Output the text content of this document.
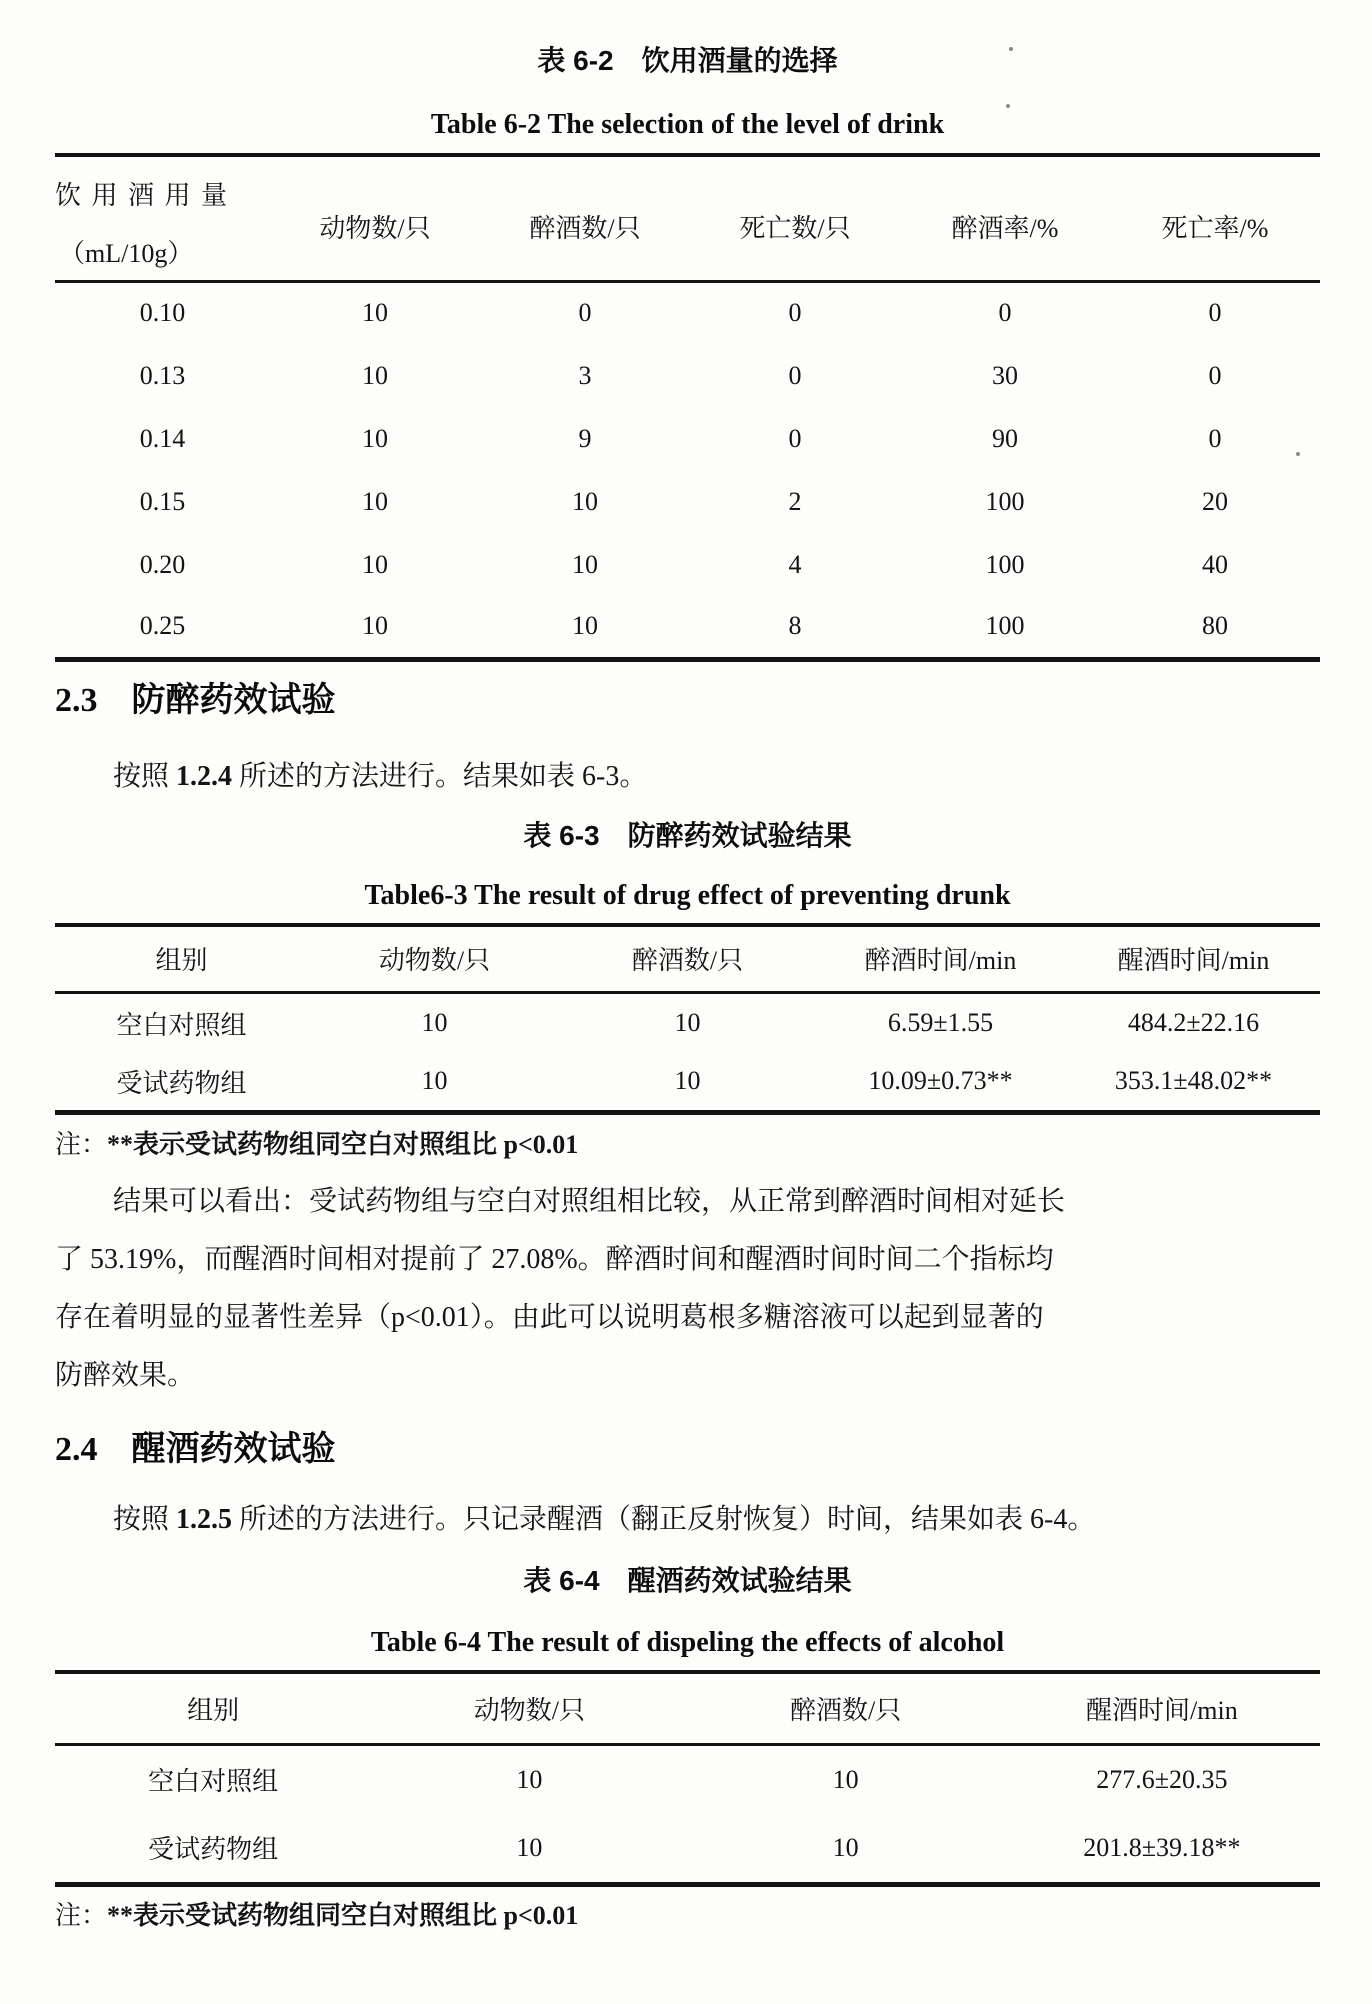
表 6-2　饮用酒量的选择
Table 6-2 The selection of the level of drink
饮 用 酒 用 量
（mL/10g）	动物数/只	醉酒数/只	死亡数/只	醉酒率/%	死亡率/%
0.10	10	0	0	0	0
0.13	10	3	0	30	0
0.14	10	9	0	90	0
0.15	10	10	2	100	20
0.20	10	10	4	100	40
0.25	10	10	8	100	80
2.3 防醉药效试验

按照 1.2.4 所述的方法进行。结果如表 6-3。

表 6-3　防醉药效试验结果
Table6-3 The result of drug effect of preventing drunk
组别	动物数/只	醉酒数/只	醉酒时间/min	醒酒时间/min
空白对照组	10	10	6.59±1.55	484.2±22.16
受试药物组	10	10	10.09±0.73**	353.1±48.02**
注：**表示受试药物组同空白对照组比 p<0.01
结果可以看出：受试药物组与空白对照组相比较，从正常到醉酒时间相对延长
了 53.19%，而醒酒时间相对提前了 27.08%。醉酒时间和醒酒时间时间二个指标均
存在着明显的显著性差异（p<0.01）。由此可以说明葛根多糖溶液可以起到显著的
防醉效果。
2.4 醒酒药效试验

按照 1.2.5 所述的方法进行。只记录醒酒（翻正反射恢复）时间，结果如表 6-4。

表 6-4　醒酒药效试验结果
Table 6-4 The result of dispeling the effects of alcohol
组别	动物数/只	醉酒数/只	醒酒时间/min
空白对照组	10	10	277.6±20.35
受试药物组	10	10	201.8±39.18**
注：**表示受试药物组同空白对照组比 p<0.01
